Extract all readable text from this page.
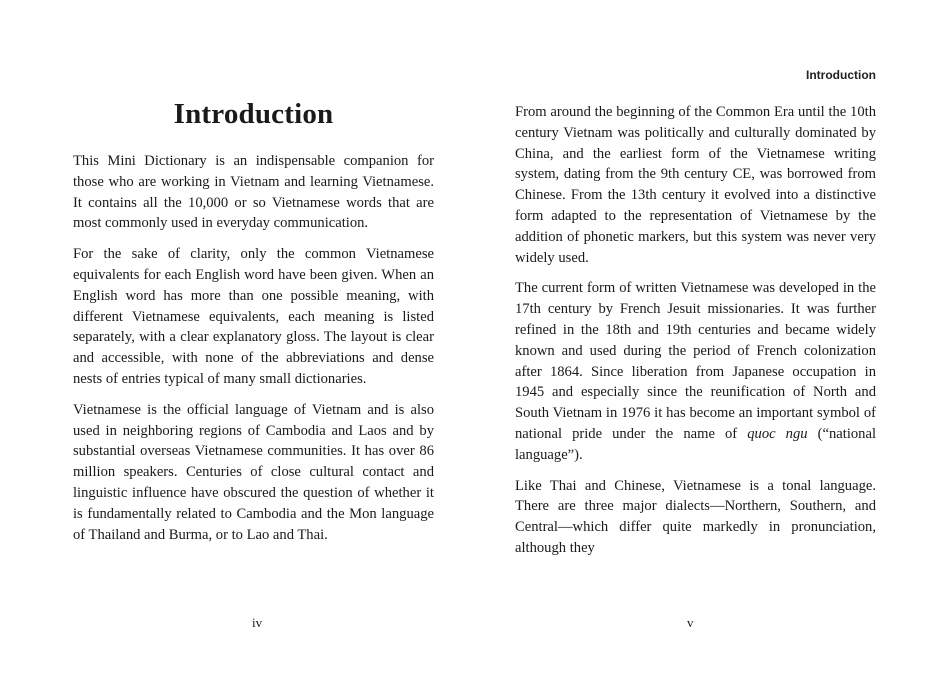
Introduction

This Mini Dictionary is an indispensable companion for those who are working in Vietnam and learning Vietnamese. It contains all the 10,000 or so Vietnamese words that are most commonly used in everyday communication.

For the sake of clarity, only the common Vietnamese equivalents for each English word have been given. When an English word has more than one possible meaning, with different Vietnamese equivalents, each meaning is listed separately, with a clear explanatory gloss. The layout is clear and accessible, with none of the abbreviations and dense nests of entries typical of many small dictionaries.

Vietnamese is the official language of Vietnam and is also used in neighboring regions of Cambodia and Laos and by substantial overseas Vietnamese communities. It has over 86 million speakers. Centuries of close cultural contact and linguistic influence have obscured the question of whether it is fundamentally related to Cambodia and the Mon language of Thailand and Burma, or to Lao and Thai.

iv
Introduction

From around the beginning of the Common Era until the 10th century Vietnam was politically and culturally dominated by China, and the earliest form of the Vietnamese writing system, dating from the 9th century CE, was borrowed from Chinese. From the 13th century it evolved into a distinctive form adapted to the representation of Vietnamese by the addition of phonetic markers, but this system was never very widely used.

The current form of written Vietnamese was developed in the 17th century by French Jesuit missionaries. It was further refined in the 18th and 19th centuries and became widely known and used during the period of French colonization after 1864. Since liberation from Japanese occupation in 1945 and especially since the reunification of North and South Vietnam in 1976 it has become an important symbol of national pride under the name of quoc ngu (“national language”).

Like Thai and Chinese, Vietnamese is a tonal language. There are three major dialects—Northern, Southern, and Central—which differ quite markedly in pronunciation, although they

v
